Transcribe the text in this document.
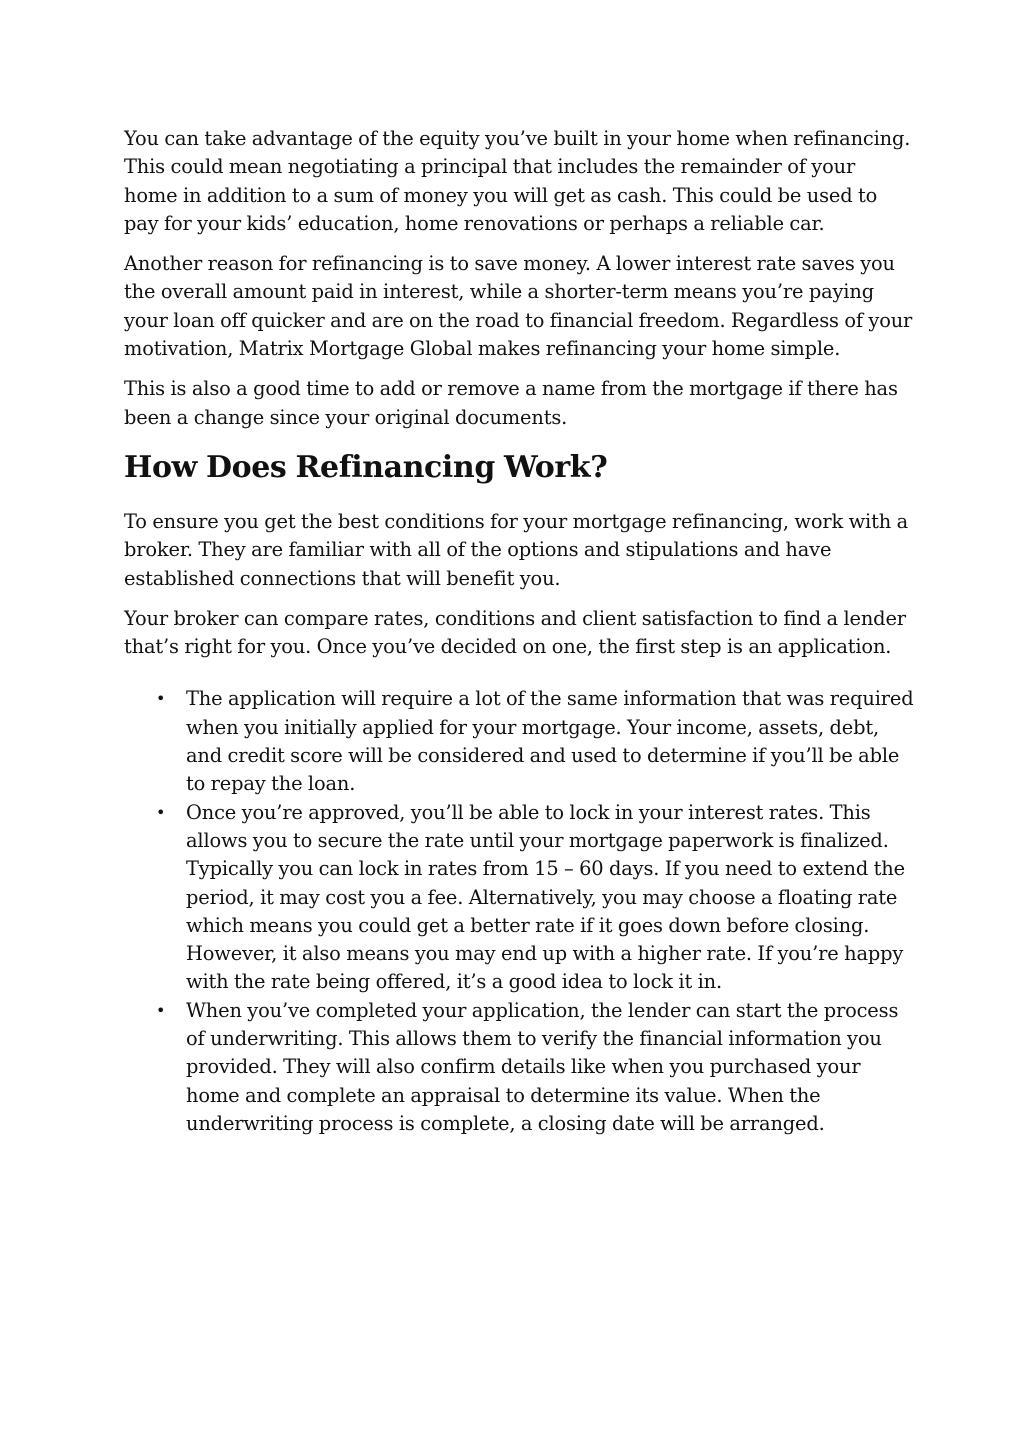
You can take advantage of the equity you’ve built in your home when refinancing. This could mean negotiating a principal that includes the remainder of your home in addition to a sum of money you will get as cash. This could be used to pay for your kids’ education, home renovations or perhaps a reliable car.

Another reason for refinancing is to save money. A lower interest rate saves you the overall amount paid in interest, while a shorter-term means you’re paying your loan off quicker and are on the road to financial freedom. Regardless of your motivation, Matrix Mortgage Global makes refinancing your home simple.

This is also a good time to add or remove a name from the mortgage if there has been a change since your original documents.

How Does Refinancing Work?

To ensure you get the best conditions for your mortgage refinancing, work with a broker. They are familiar with all of the options and stipulations and have established connections that will benefit you.

Your broker can compare rates, conditions and client satisfaction to find a lender that’s right for you. Once you’ve decided on one, the first step is an application.

• The application will require a lot of the same information that was required when you initially applied for your mortgage. Your income, assets, debt, and credit score will be considered and used to determine if you’ll be able to repay the loan.
• Once you’re approved, you’ll be able to lock in your interest rates. This allows you to secure the rate until your mortgage paperwork is finalized. Typically you can lock in rates from 15 – 60 days. If you need to extend the period, it may cost you a fee. Alternatively, you may choose a floating rate which means you could get a better rate if it goes down before closing. However, it also means you may end up with a higher rate. If you’re happy with the rate being offered, it’s a good idea to lock it in.
• When you’ve completed your application, the lender can start the process of underwriting. This allows them to verify the financial information you provided. They will also confirm details like when you purchased your home and complete an appraisal to determine its value. When the underwriting process is complete, a closing date will be arranged.
